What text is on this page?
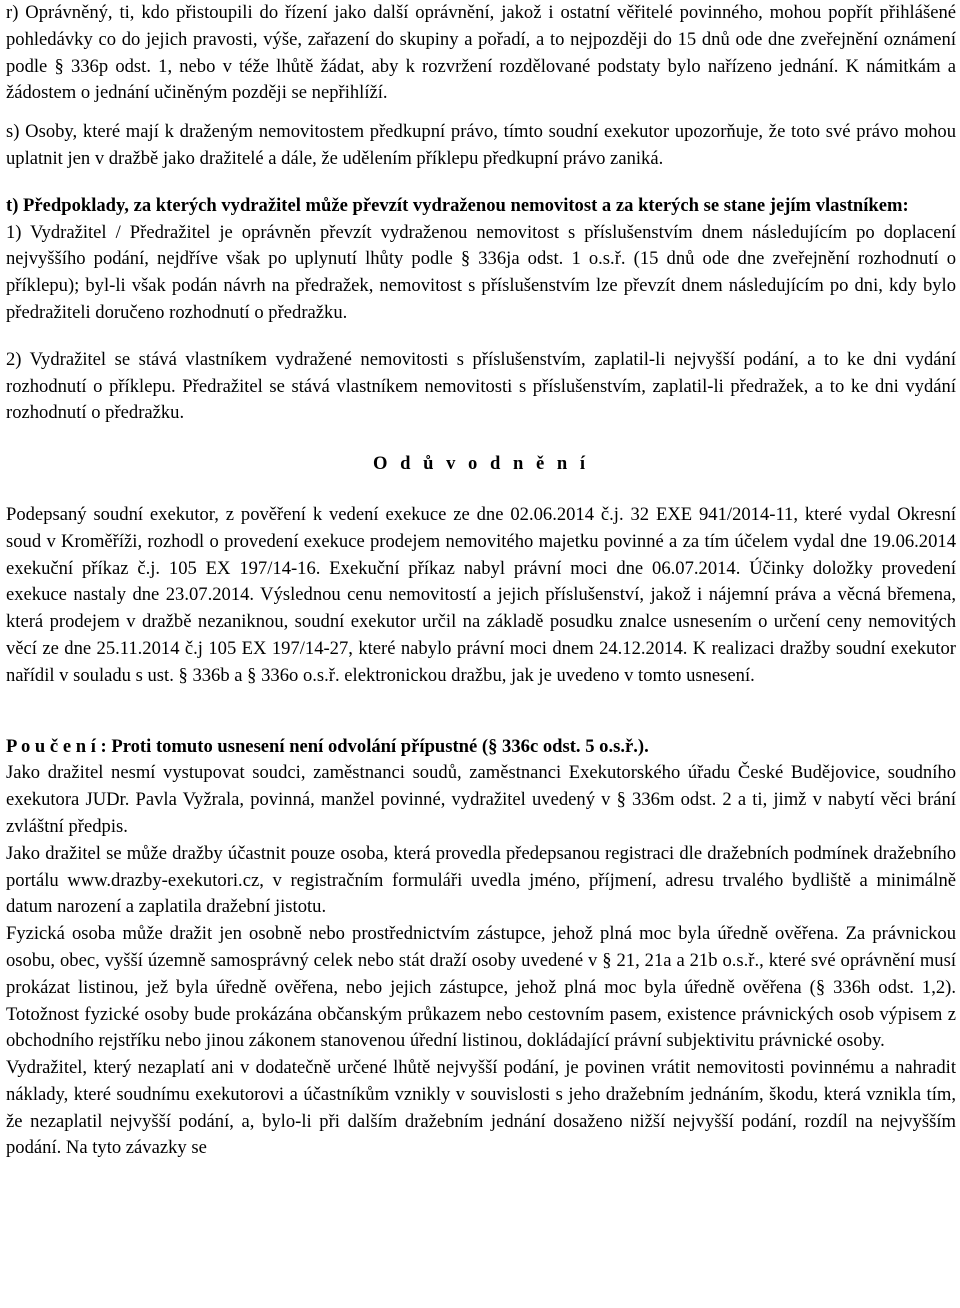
r) Oprávněný, ti, kdo přistoupili do řízení jako další oprávnění, jakož i ostatní věřitelé povinného, mohou popřít přihlášené pohledávky co do jejich pravosti, výše, zařazení do skupiny a pořadí, a to nejpozději do 15 dnů ode dne zveřejnění oznámení podle § 336p odst. 1, nebo v téže lhůtě žádat, aby k rozvržení rozdělované podstaty bylo nařízeno jednání. K námitkám a žádostem o jednání učiněným později se nepřihlíží.

s) Osoby, které mají k draženým nemovitostem předkupní právo, tímto soudní exekutor upozorňuje, že toto své právo mohou uplatnit jen v dražbě jako dražitelé a dále, že udělením příklepu předkupní právo zaniká.

t) Předpoklady, za kterých vydražitel může převzít vydraženou nemovitost a za kterých se stane jejím vlastníkem:

1) Vydražitel / Předražitel je oprávněn převzít vydraženou nemovitost s příslušenstvím dnem následujícím po doplacení nejvyššího podání, nejdříve však po uplynutí lhůty podle § 336ja odst. 1 o.s.ř. (15 dnů ode dne zveřejnění rozhodnutí o příklepu); byl-li však podán návrh na předražek, nemovitost s příslušenstvím lze převzít dnem následujícím po dni, kdy bylo předražiteli doručeno rozhodnutí o předražku.

2) Vydražitel se stává vlastníkem vydražené nemovitosti s příslušenstvím, zaplatil-li nejvyšší podání, a to ke dni vydání rozhodnutí o příklepu. Předražitel se stává vlastníkem nemovitosti s příslušenstvím, zaplatil-li předražek, a to ke dni vydání rozhodnutí o předražku.

O d ů v o d n ě n í

Podepsaný soudní exekutor, z pověření k vedení exekuce ze dne 02.06.2014 č.j. 32 EXE 941/2014-11, které vydal Okresní soud v Kroměříži, rozhodl o provedení exekuce prodejem nemovitého majetku povinné a za tím účelem vydal dne 19.06.2014 exekuční příkaz č.j. 105 EX 197/14-16. Exekuční příkaz nabyl právní moci dne 06.07.2014. Účinky doložky provedení exekuce nastaly dne 23.07.2014. Výslednou cenu nemovitostí a jejich příslušenství, jakož i nájemní práva a věcná břemena, která prodejem v dražbě nezaniknou, soudní exekutor určil na základě posudku znalce usnesením o určení ceny nemovitých věcí ze dne 25.11.2014 č.j 105 EX 197/14-27, které nabylo právní moci dnem 24.12.2014. K realizaci dražby soudní exekutor nařídil v souladu s ust. § 336b a § 336o o.s.ř. elektronickou dražbu, jak je uvedeno v tomto usnesení.

P o u č e n í : Proti tomuto usnesení není odvolání přípustné (§ 336c odst. 5 o.s.ř.).

Jako dražitel nesmí vystupovat soudci, zaměstnanci soudů, zaměstnanci Exekutorského úřadu České Budějovice, soudního exekutora JUDr. Pavla Vyžrala, povinná, manžel povinné, vydražitel uvedený v § 336m odst. 2 a ti, jimž v nabytí věci brání zvláštní předpis.

Jako dražitel se může dražby účastnit pouze osoba, která provedla předepsanou registraci dle dražebních podmínek dražebního portálu www.drazby-exekutori.cz, v registračním formuláři uvedla jméno, příjmení, adresu trvalého bydliště a minimálně datum narození a zaplatila dražební jistotu.

Fyzická osoba může dražit jen osobně nebo prostřednictvím zástupce, jehož plná moc byla úředně ověřena. Za právnickou osobu, obec, vyšší územně samosprávný celek nebo stát draží osoby uvedené v § 21, 21a a 21b o.s.ř., které své oprávnění musí prokázat listinou, jež byla úředně ověřena, nebo jejich zástupce, jehož plná moc byla úředně ověřena (§ 336h odst. 1,2). Totožnost fyzické osoby bude prokázána občanským průkazem nebo cestovním pasem, existence právnických osob výpisem z obchodního rejstříku nebo jinou zákonem stanovenou úřední listinou, dokládající právní subjektivitu právnické osoby.

Vydražitel, který nezaplatí ani v dodatečně určené lhůtě nejvyšší podání, je povinen vrátit nemovitosti povinnému a nahradit náklady, které soudnímu exekutorovi a účastníkům vznikly v souvislosti s jeho dražebním jednáním, škodu, která vznikla tím, že nezaplatil nejvyšší podání, a, bylo-li při dalším dražebním jednání dosaženo nižší nejvyšší podání, rozdíl na nejvyšším podání. Na tyto závazky se
